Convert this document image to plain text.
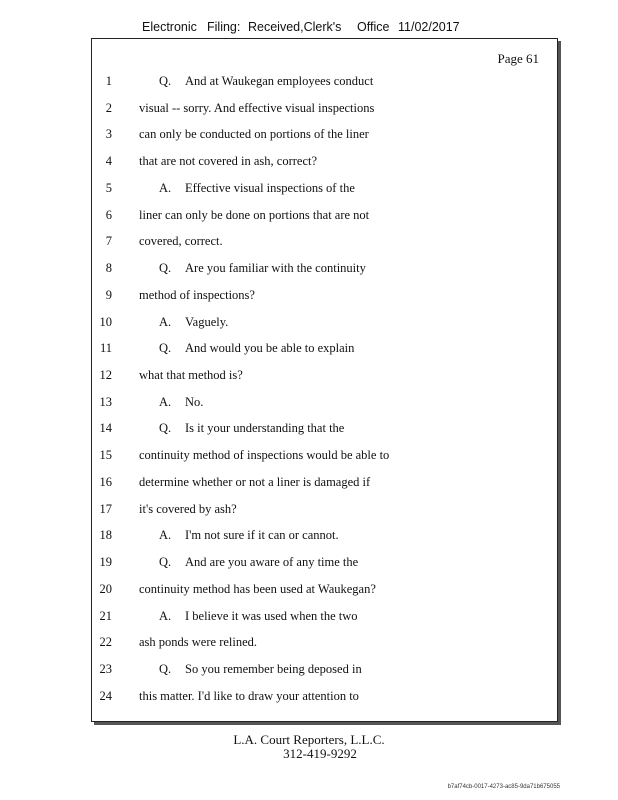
Electronic Filing: Received,Clerk's Office 11/02/2017
Page 61
1	Q. And at Waukegan employees conduct
2 visual -- sorry. And effective visual inspections
3 can only be conducted on portions of the liner
4 that are not covered in ash, correct?
5	A. Effective visual inspections of the
6 liner can only be done on portions that are not
7 covered, correct.
8	Q. Are you familiar with the continuity
9 method of inspections?
10	A. Vaguely.
11	Q. And would you be able to explain
12 what that method is?
13	A. No.
14	Q. Is it your understanding that the
15 continuity method of inspections would be able to
16 determine whether or not a liner is damaged if
17 it's covered by ash?
18	A. I'm not sure if it can or cannot.
19	Q. And are you aware of any time the
20 continuity method has been used at Waukegan?
21	A. I believe it was used when the two
22 ash ponds were relined.
23	Q. So you remember being deposed in
24 this matter. I'd like to draw your attention to
L.A. Court Reporters, L.L.C.
312-419-9292
b7af74cb-0017-4273-ac85-9da71b675055
